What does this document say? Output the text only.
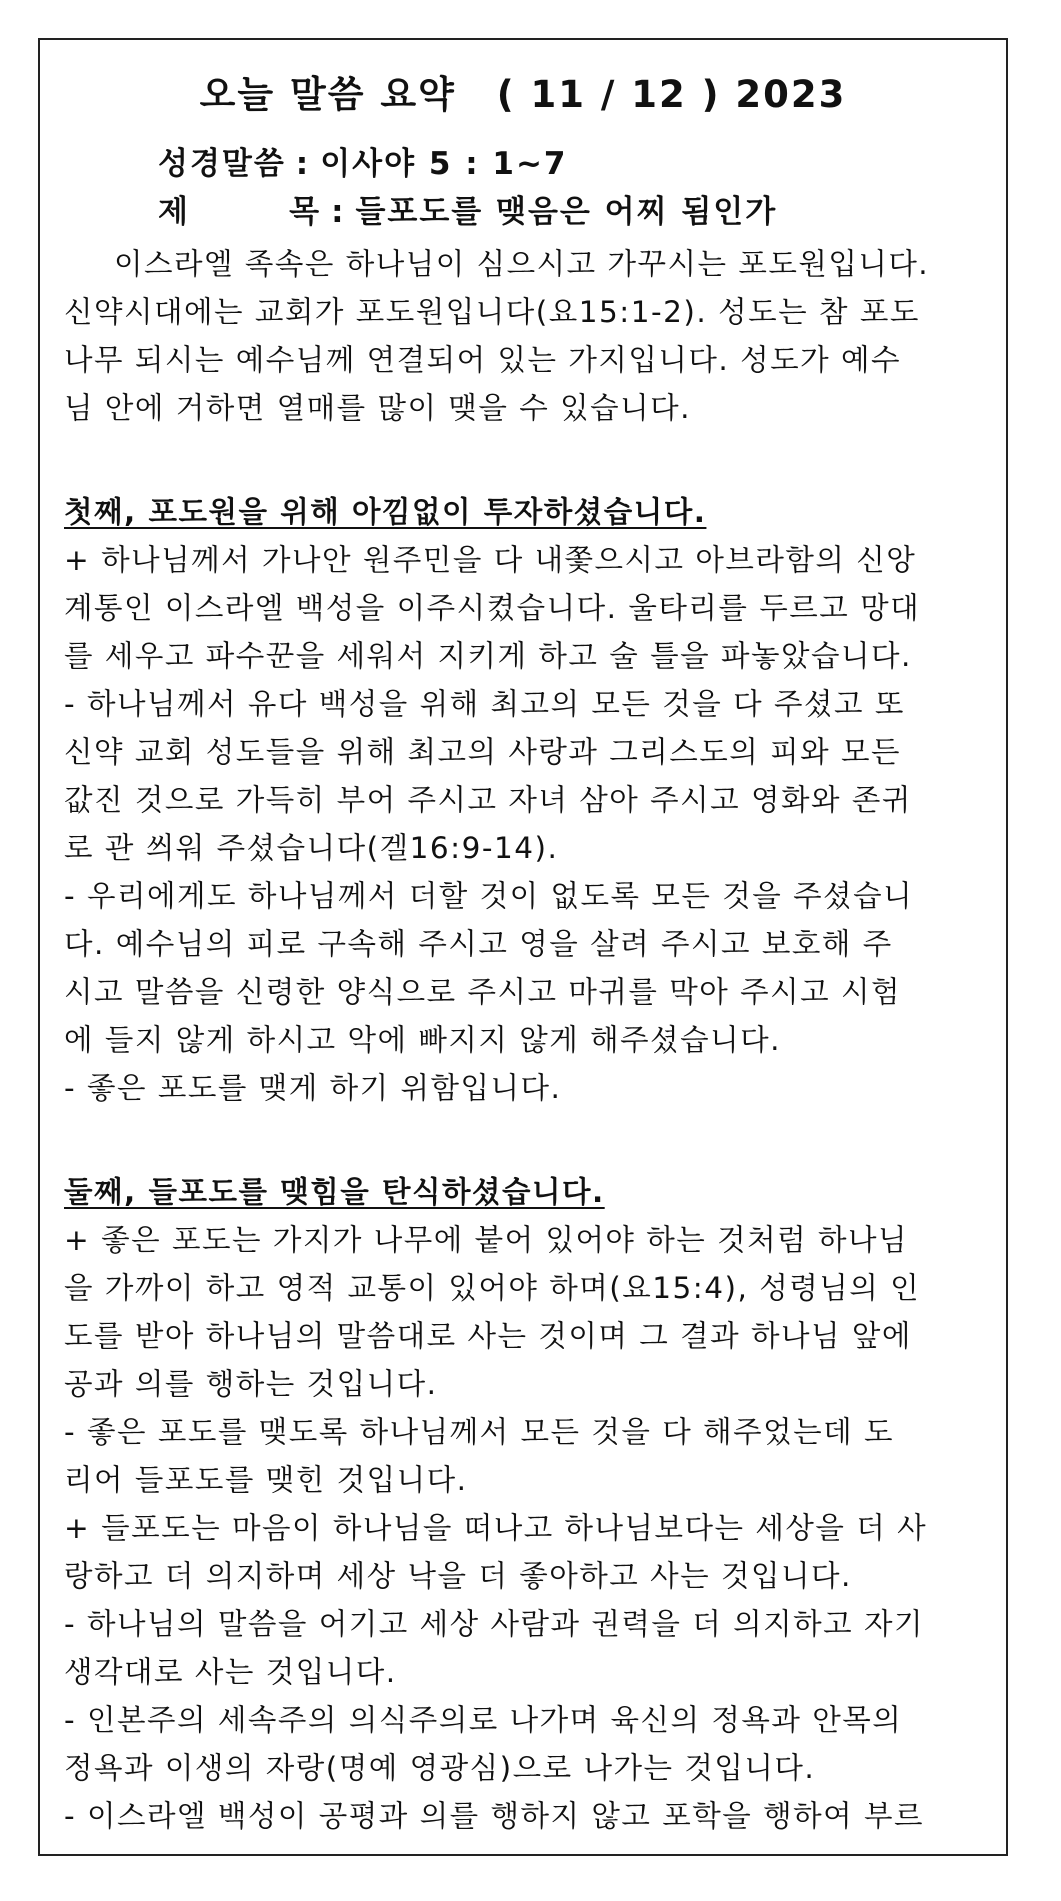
오늘 말씀 요약 ( 11 / 12 ) 2023
성경말씀 : 이사야 5 : 1~7
제    목 : 들포도를 맺음은 어찌 됨인가
이스라엘 족속은 하나님이 심으시고 가꾸시는 포도원입니다.
신약시대에는 교회가 포도원입니다(요15:1-2). 성도는 참 포도
나무 되시는 예수님께 연결되어 있는 가지입니다. 성도가 예수
님 안에 거하면 열매를 많이 맺을 수 있습니다.
첫째, 포도원을 위해 아낌없이 투자하셨습니다.
+ 하나님께서 가나안 원주민을 다 내쫓으시고 아브라함의 신앙
계통인 이스라엘 백성을 이주시켰습니다. 울타리를 두르고 망대
를 세우고 파수꾼을 세워서 지키게 하고 술 틀을 파놓았습니다.
- 하나님께서 유다 백성을 위해 최고의 모든 것을 다 주셨고 또
신약 교회 성도들을 위해 최고의 사랑과 그리스도의 피와 모든
값진 것으로 가득히 부어 주시고 자녀 삼아 주시고 영화와 존귀
로 관 씌워 주셨습니다(겔16:9-14).
- 우리에게도 하나님께서 더할 것이 없도록 모든 것을 주셨습니
다. 예수님의 피로 구속해 주시고 영을 살려 주시고 보호해 주
시고 말씀을 신령한 양식으로 주시고 마귀를 막아 주시고 시험
에 들지 않게 하시고 악에 빠지지 않게 해주셨습니다.
- 좋은 포도를 맺게 하기 위함입니다.
둘째, 들포도를 맺힘을 탄식하셨습니다.
+ 좋은 포도는 가지가 나무에 붙어 있어야 하는 것처럼 하나님
을 가까이 하고 영적 교통이 있어야 하며(요15:4), 성령님의 인
도를 받아 하나님의 말씀대로 사는 것이며 그 결과 하나님 앞에
공과 의를 행하는 것입니다.
- 좋은 포도를 맺도록 하나님께서 모든 것을 다 해주었는데 도
리어 들포도를 맺힌 것입니다.
+ 들포도는 마음이 하나님을 떠나고 하나님보다는 세상을 더 사
랑하고 더 의지하며 세상 낙을 더 좋아하고 사는 것입니다.
- 하나님의 말씀을 어기고 세상 사람과 권력을 더 의지하고 자기
생각대로 사는 것입니다.
- 인본주의 세속주의 의식주의로 나가며 육신의 정욕과 안목의
정욕과 이생의 자랑(명예 영광심)으로 나가는 것입니다.
- 이스라엘 백성이 공평과 의를 행하지 않고 포학을 행하여 부르
